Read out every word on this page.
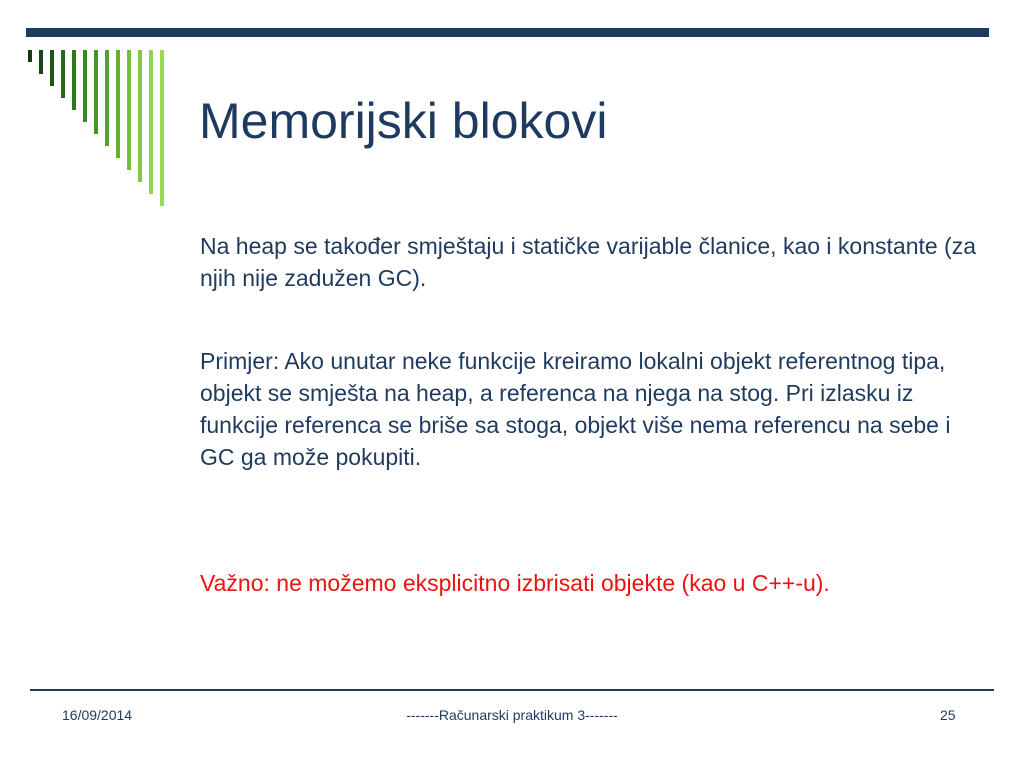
Memorijski blokovi

Na heap se također smještaju i statičke varijable članice, kao i konstante (za njih nije zadužen GC).

Primjer: Ako unutar neke funkcije kreiramo lokalni objekt referentnog tipa, objekt se smješta na heap, a referenca na njega na stog. Pri izlasku iz funkcije referenca se briše sa stoga, objekt više nema referencu na sebe i GC ga može pokupiti.

Važno: ne možemo eksplicitno izbrisati objekte (kao u C++-u).

16/09/2014	-------Računarski praktikum 3-------	25
